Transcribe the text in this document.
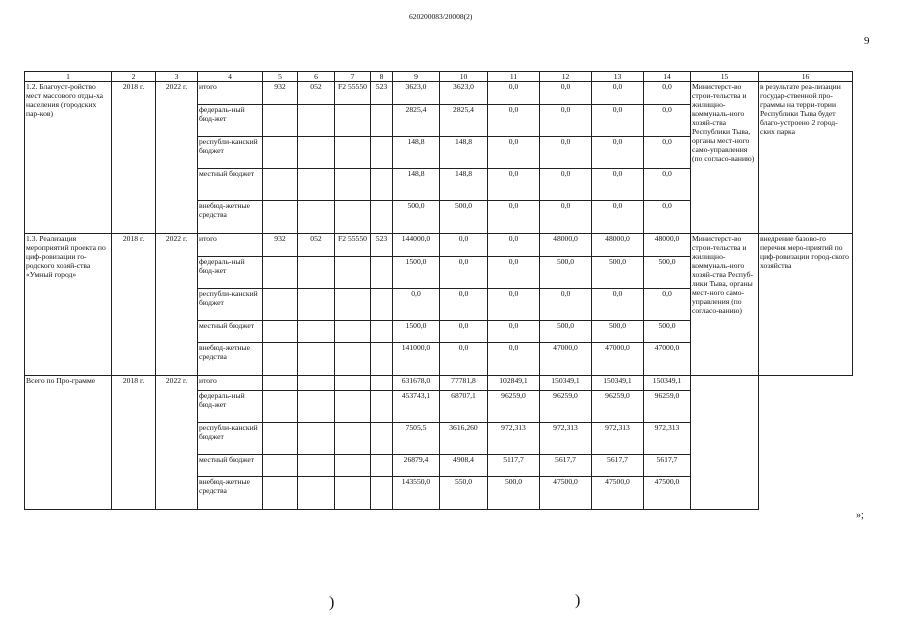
620200083/20008(2)
9
1	2	3	4	5	6	7	8	9	10	11	12	13	14	15	16
1.2. Благоуст-ройство мест массового отды-ха населения (городских пар-ков)	2018 г.	2022 г.	итого	932	052	F2 55550	523	3623,0	3623,0	0,0	0,0	0,0	0,0	Министерст-во строи-тельства и жилищно-коммуналь-ного хозяй-ства Республики Тыва, органы мест-ного само-управления (по согласо-ванию)	в результате реа-лизации государ-ственной про-граммы на терри-тории Республики Тыва будет благо-устроено 2 город-ских парка
			федераль-ный бюд-жет					2825,4	2825,4	0,0	0,0	0,0	0,0		
			республи-канский бюджет					148,8	148,8	0,0	0,0	0,0	0,0		
			местный бюджет					148,8	148,8	0,0	0,0	0,0	0,0		
			внебюд-жетные средства					500,0	500,0	0,0	0,0	0,0	0,0		
1.3. Реализация мероприятий проекта по циф-ровизации го-родского хозяй-ства «Умный город»	2018 г.	2022 г.	итого	932	052	F2 55550	523	144000,0	0,0	0,0	48000,0	48000,0	48000,0	Министерст-во строи-тельства и жилищно-коммуналь-ного хозяй-ства Респуб-лики Тыва, органы мест-ного само-управления (по согласо-ванию)	внедрение базово-го перечня меро-приятий по циф-ровизации город-ского хозяйства
			федераль-ный бюд-жет					1500,0	0,0	0,0	500,0	500,0	500,0		
			республи-канский бюджет					0,0	0,0	0,0	0,0	0,0	0,0		
			местный бюджет					1500,0	0,0	0,0	500,0	500,0	500,0		
			внебюд-жетные средства					141000,0	0,0	0,0	47000,0	47000,0	47000,0		
Всего по Про-грамме	2018 г.	2022 г.	итого					631678,0	77781,8	102849,1	150349,1	150349,1	150349,1		
			федераль-ный бюд-жет					453743,1	68707,1	96259,0	96259,0	96259,0	96259,0		
			республи-канский бюджет					7505,5	3616,260	972,313	972,313	972,313	972,313		
			местный бюджет					26879,4	4908,4	5117,7	5617,7	5617,7	5617,7		
			внебюд-жетные средства					143550,0	550,0	500,0	47500,0	47500,0	47500,0		
»;
)	)
